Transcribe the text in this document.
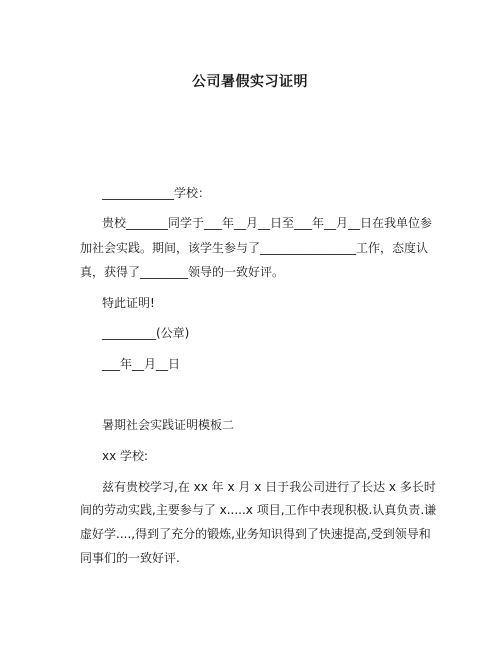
公司暑假实习证明
____________学校：
贵校_______同学于___年__月__日至___年__月__日在我单位参
加社会实践。期间，该学生参与了________________工作，态度认
真，获得了________领导的一致好评。
特此证明!
_________(公章)
___年__月__日
暑期社会实践证明模板二
xx 学校:
兹有贵校学习,在 xx 年 x 月 x 日于我公司进行了长达 x 多长时
间的劳动实践,主要参与了 x.....x 项目,工作中表现积极.认真负责.谦
虚好学....,得到了充分的锻炼,业务知识得到了快速提高,受到领导和
同事们的一致好评.
